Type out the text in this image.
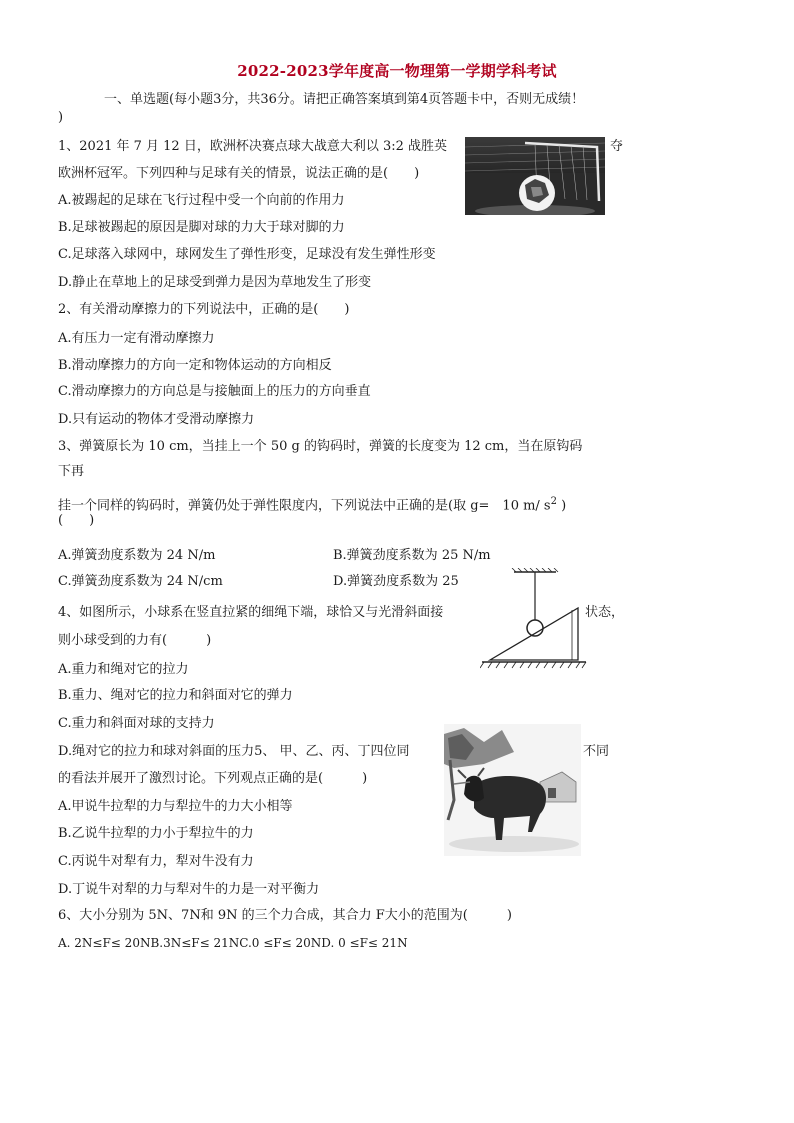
2022-2023学年度高一物理第一学期学科考试
一、单选题(每小题3分，共36分。请把正确答案填到第4页答题卡中，否则无成绩！
)
1、2021 年 7 月 12 日，欧洲杯决赛点球大战意大利以 3:2 战胜英	夺
欧洲杯冠军。下列四种与足球有关的情景，说法正确的是(　　)
A.被踢起的足球在飞行过程中受一个向前的作用力
B.足球被踢起的原因是脚对球的力大于球对脚的力
C.足球落入球网中，球网发生了弹性形变，足球没有发生弹性形变
D.静止在草地上的足球受到弹力是因为草地发生了形变
2、有关滑动摩擦力的下列说法中，正确的是(　　)
A.有压力一定有滑动摩擦力
B.滑动摩擦力的方向一定和物体运动的方向相反
C.滑动摩擦力的方向总是与接触面上的压力的方向垂直
D.只有运动的物体才受滑动摩擦力
3、弹簧原长为 10 cm，当挂上一个 50 g 的钩码时，弹簧的长度变为 12 cm，当在原钩码
下再
挂一个同样的钩码时，弹簧仍处于弹性限度内，下列说法中正确的是(取 g=　10 m/ $s^2$ )
(　　)
A.弹簧劲度系数为 24 N/m	B.弹簧劲度系数为 25 N/m
C.弹簧劲度系数为 24 N/cm	D.弹簧劲度系数为 25
4、如图所示，小球系在竖直拉紧的细绳下端，球恰又与光滑斜面接	状态，
则小球受到的力有(　　　)
A.重力和绳对它的拉力
B.重力、绳对它的拉力和斜面对它的弹力
C.重力和斜面对球的支持力
D.绳对它的拉力和球对斜面的压力5、 甲、乙、丙、丁四位同	不同
的看法并展开了激烈讨论。下列观点正确的是(　　　)
A.甲说牛拉犁的力与犁拉牛的力大小相等
B.乙说牛拉犁的力小于犁拉牛的力
C.丙说牛对犁有力，犁对牛没有力
D.丁说牛对犁的力与犁对牛的力是一对平衡力
6、大小分别为 5N、7N和 9N 的三个力合成，其合力 F大小的范围为(　　　)
A. 2N≤F≤ 20NB.3N≤F≤ 21NC.0 ≤F≤ 20ND. 0 ≤F≤ 21N
